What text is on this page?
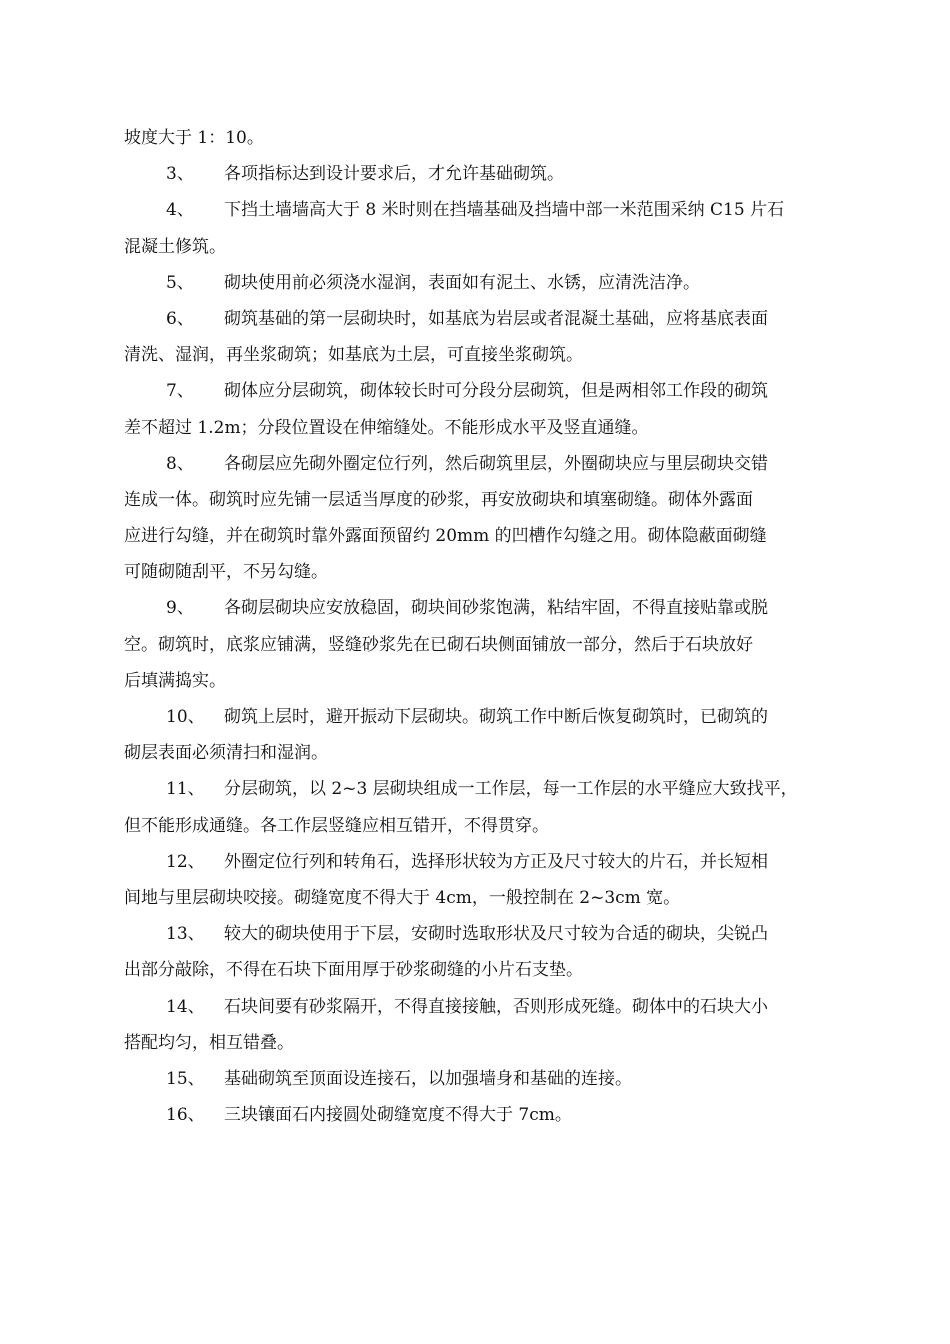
坡度大于 1：10。
3、 各项指标达到设计要求后，才允许基础砌筑。
4、 下挡土墙墙高大于 8 米时则在挡墙基础及挡墙中部一米范围采纳 C15 片石
混凝土修筑。
5、 砌块使用前必须浇水湿润，表面如有泥土、水锈，应清洗洁净。
6、 砌筑基础的第一层砌块时，如基底为岩层或者混凝土基础，应将基底表面
清洗、湿润，再坐浆砌筑；如基底为土层，可直接坐浆砌筑。
7、 砌体应分层砌筑，砌体较长时可分段分层砌筑，但是两相邻工作段的砌筑
差不超过 1.2m；分段位置设在伸缩缝处。不能形成水平及竖直通缝。
8、 各砌层应先砌外圈定位行列，然后砌筑里层，外圈砌块应与里层砌块交错
连成一体。砌筑时应先铺一层适当厚度的砂浆，再安放砌块和填塞砌缝。砌体外露面
应进行勾缝，并在砌筑时靠外露面预留约 20mm 的凹槽作勾缝之用。砌体隐蔽面砌缝
可随砌随刮平，不另勾缝。
9、 各砌层砌块应安放稳固，砌块间砂浆饱满，粘结牢固，不得直接贴靠或脱
空。砌筑时，底浆应铺满，竖缝砂浆先在已砌石块侧面铺放一部分，然后于石块放好
后填满捣实。
10、 砌筑上层时，避开振动下层砌块。砌筑工作中断后恢复砌筑时，已砌筑的
砌层表面必须清扫和湿润。
11、 分层砌筑，以 2~3 层砌块组成一工作层，每一工作层的水平缝应大致找平，
但不能形成通缝。各工作层竖缝应相互错开，不得贯穿。
12、 外圈定位行列和转角石，选择形状较为方正及尺寸较大的片石，并长短相
间地与里层砌块咬接。砌缝宽度不得大于 4cm，一般控制在 2~3cm 宽。
13、 较大的砌块使用于下层，安砌时选取形状及尺寸较为合适的砌块，尖锐凸
出部分敲除，不得在石块下面用厚于砂浆砌缝的小片石支垫。
14、 石块间要有砂浆隔开，不得直接接触，否则形成死缝。砌体中的石块大小
搭配均匀，相互错叠。
15、 基础砌筑至顶面设连接石，以加强墙身和基础的连接。
16、 三块镶面石内接圆处砌缝宽度不得大于 7cm。
